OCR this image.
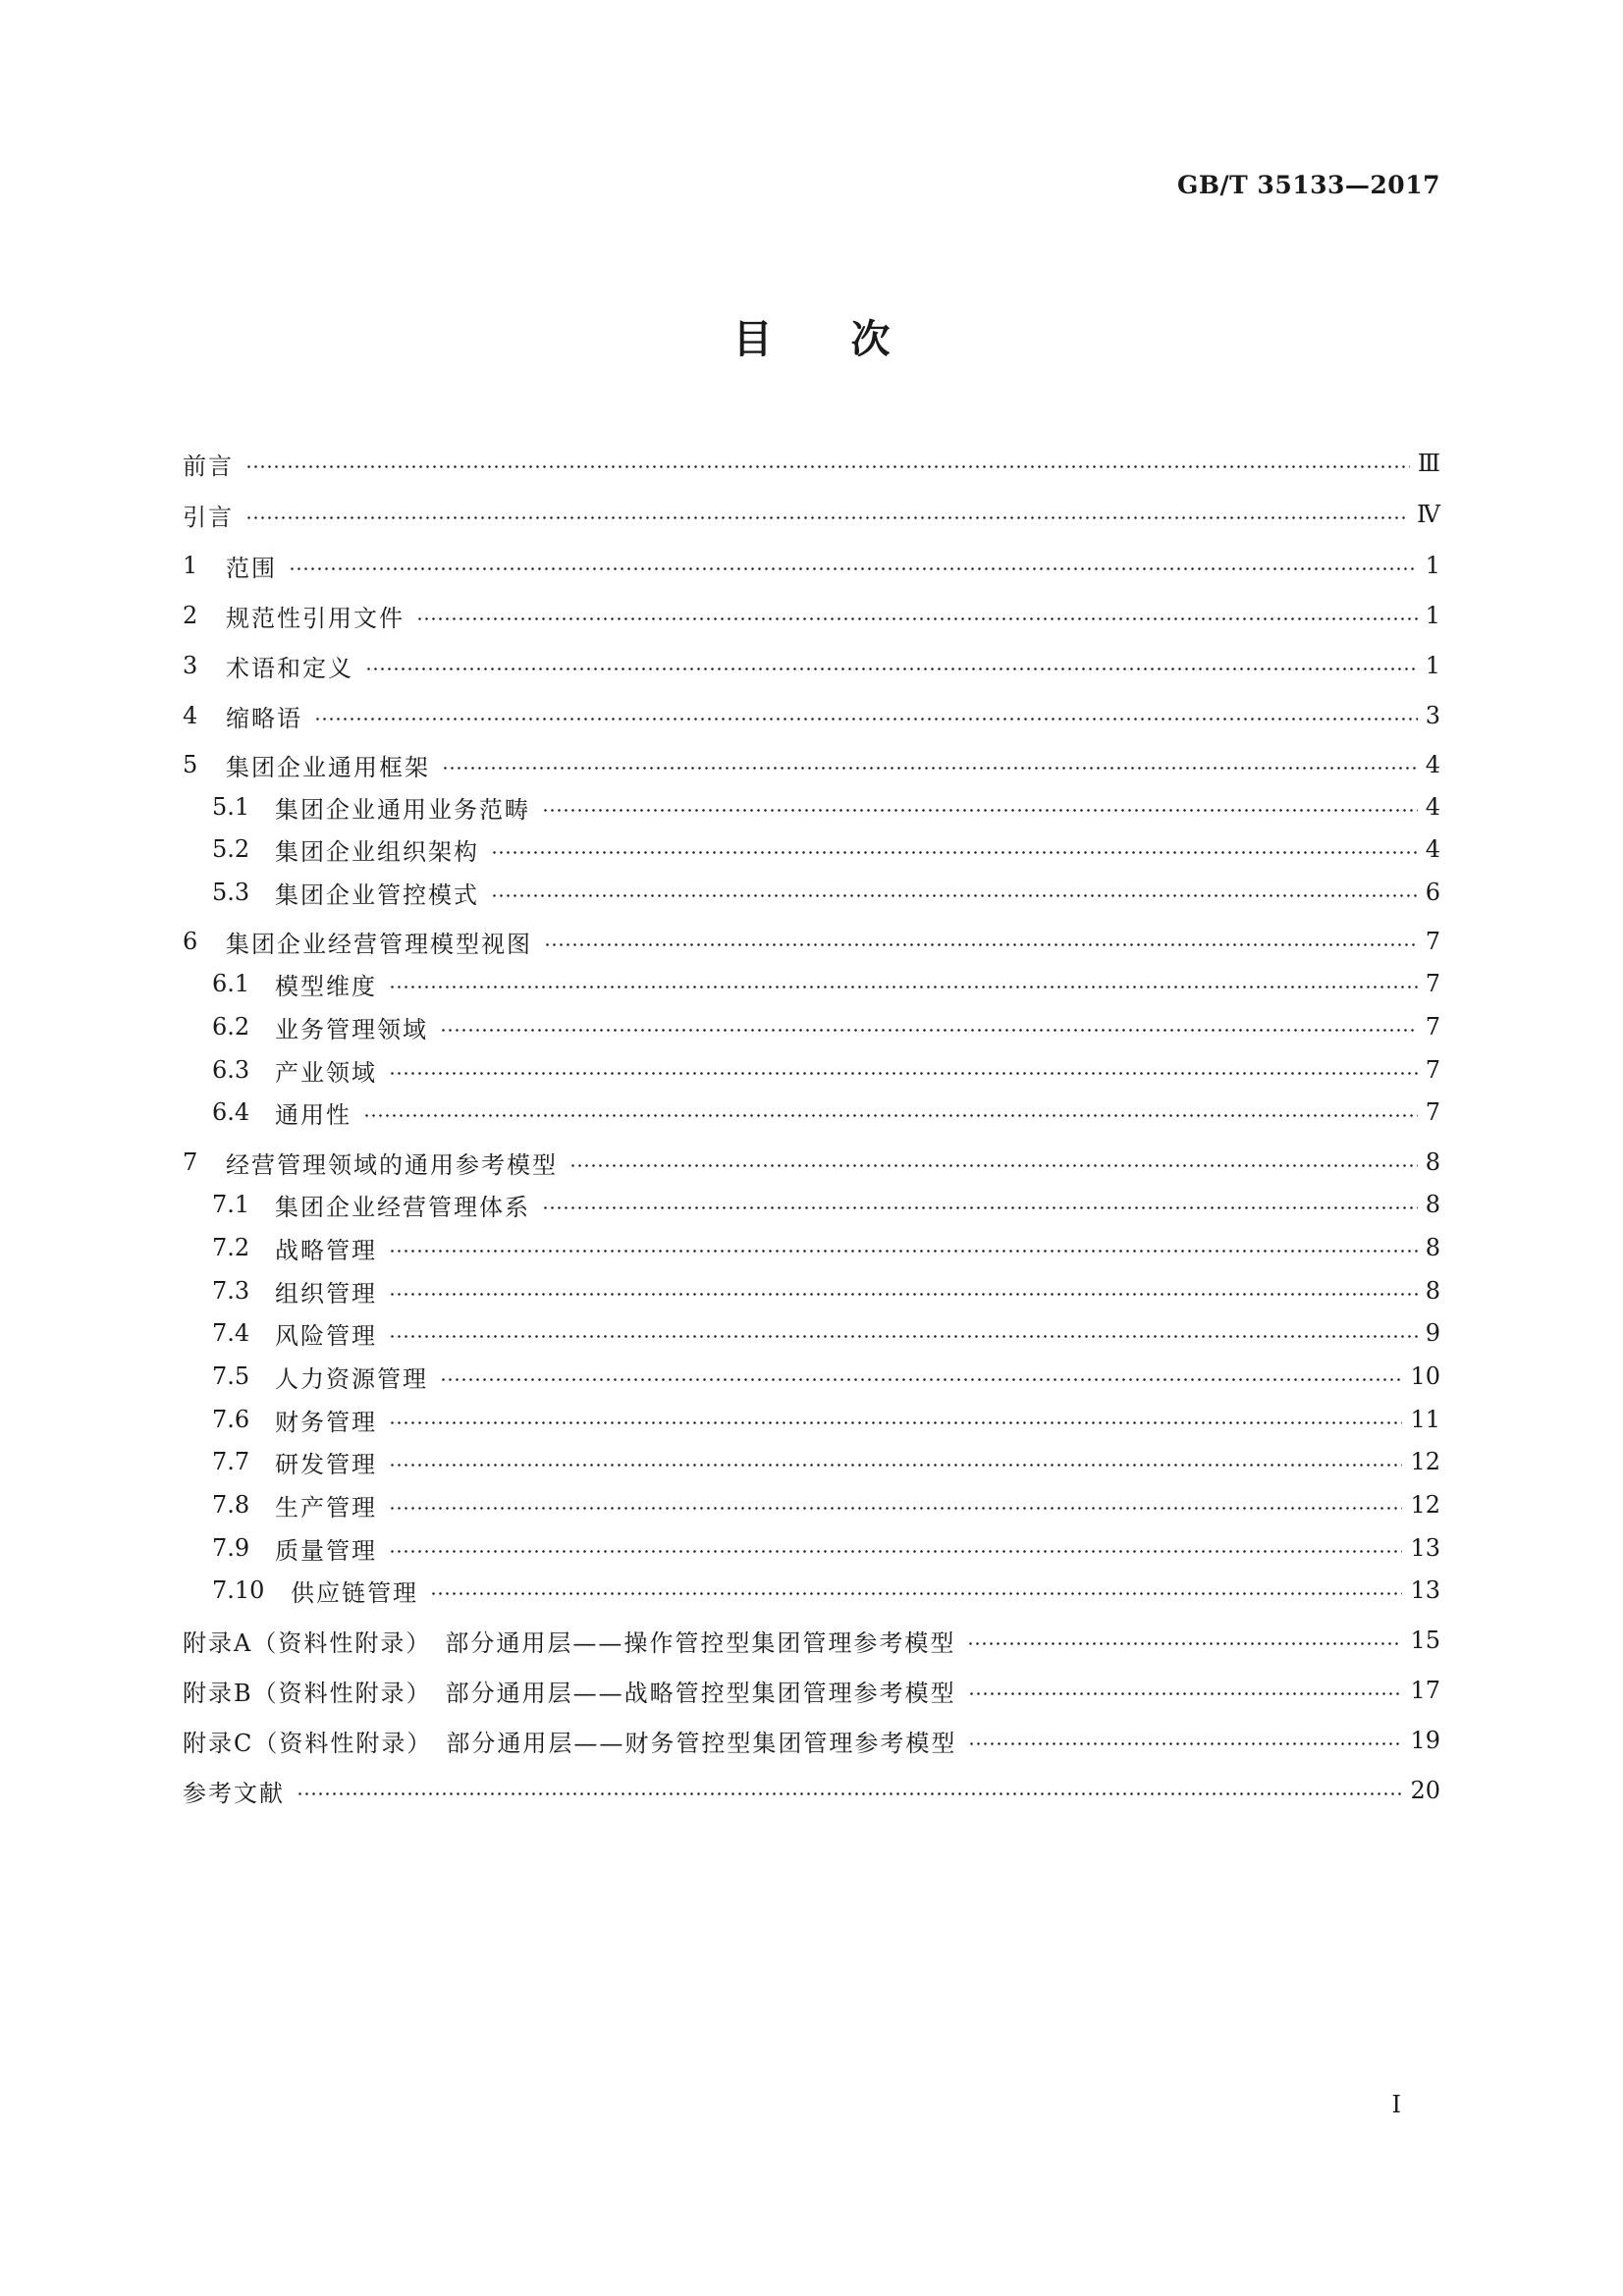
GB/T 35133—2017
目　　次
前言	Ⅲ
引言	Ⅳ
1	范围	1
2	规范性引用文件	1
3	术语和定义	1
4	缩略语	3
5	集团企业通用框架	4
5.1	集团企业通用业务范畴	4
5.2	集团企业组织架构	4
5.3	集团企业管控模式	6
6	集团企业经营管理模型视图	7
6.1	模型维度	7
6.2	业务管理领域	7
6.3	产业领域	7
6.4	通用性	7
7	经营管理领域的通用参考模型	8
7.1	集团企业经营管理体系	8
7.2	战略管理	8
7.3	组织管理	8
7.4	风险管理	9
7.5	人力资源管理	10
7.6	财务管理	11
7.7	研发管理	12
7.8	生产管理	12
7.9	质量管理	13
7.10	供应链管理	13
附录A（资料性附录）　部分通用层——操作管控型集团管理参考模型	15
附录B（资料性附录）　部分通用层——战略管控型集团管理参考模型	17
附录C（资料性附录）　部分通用层——财务管控型集团管理参考模型	19
参考文献	20
Ⅰ
